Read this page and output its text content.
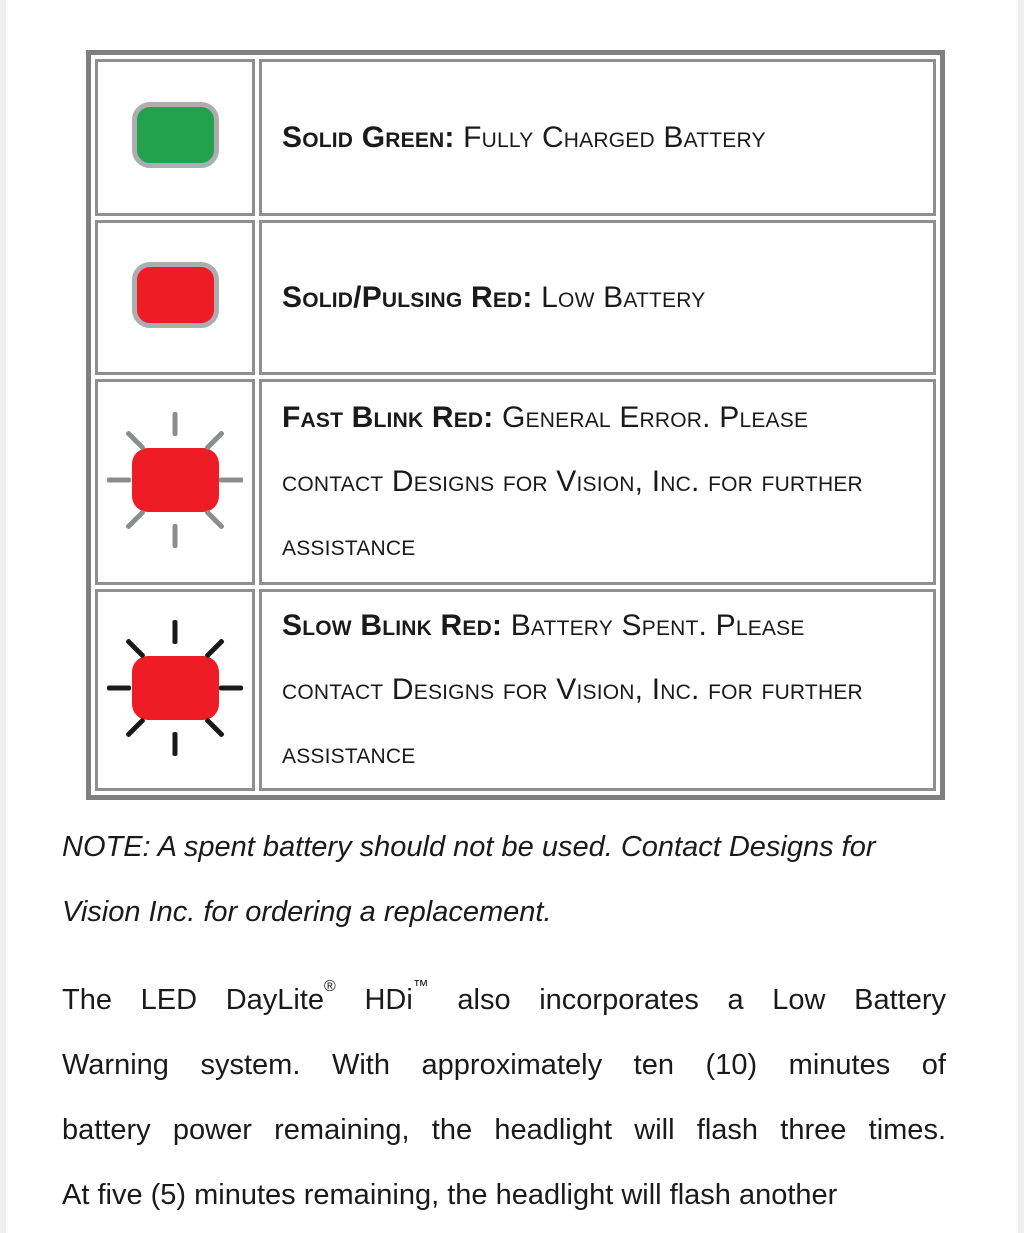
	Solid Green: Fully Charged Battery
	Solid/Pulsing Red: Low Battery

	Fast Blink Red: General Error. Please contact Designs for Vision, Inc. for further assistance

	Slow Blink Red: Battery Spent. Please contact Designs for Vision, Inc. for further assistance
NOTE: A spent battery should not be used. Contact Designs for
Vision Inc. for ordering a replacement.
The LED DayLite® HDi™ also incorporates a Low Battery
Warning system. With approximately ten (10) minutes of
battery power remaining, the headlight will flash three times.
At five (5) minutes remaining, the headlight will flash another
